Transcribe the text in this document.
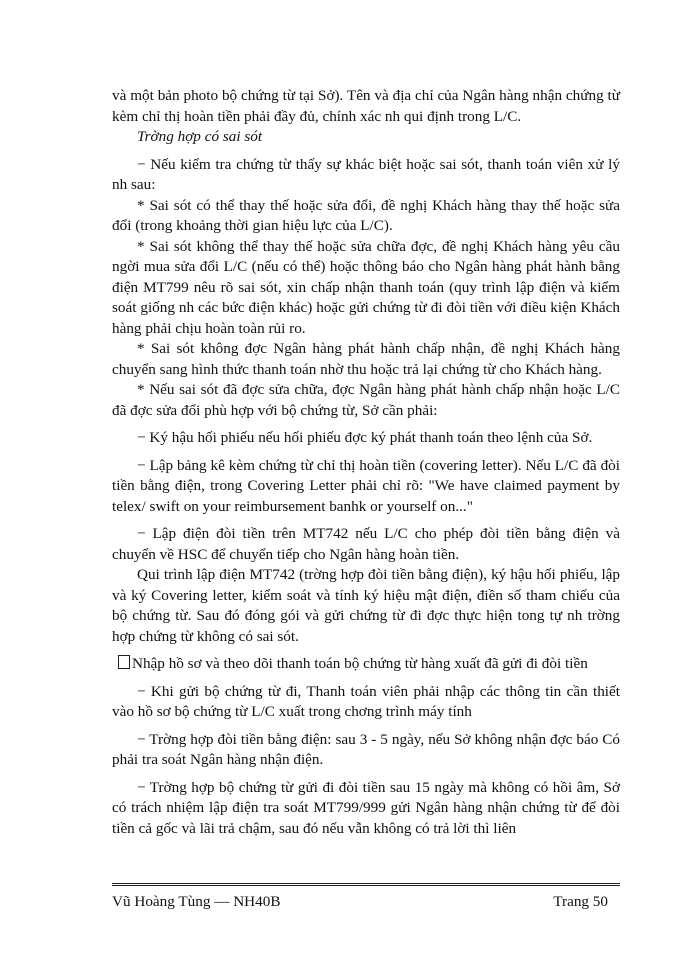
và một bản photo bộ chứng từ tại Sở). Tên và địa chỉ của Ngân hàng nhận chứng từ kèm chỉ thị hoàn tiền phải đầy đủ, chính xác nh qui định trong L/C.

Trờng hợp có sai sót

− Nếu kiểm tra chứng từ thấy sự khác biệt hoặc sai sót, thanh toán viên xử lý nh sau:

* Sai sót có thể thay thế hoặc sửa đổi, đề nghị Khách hàng thay thế hoặc sửa đổi (trong khoảng thời gian hiệu lực của L/C).

* Sai sót không thể thay thế hoặc sửa chữa đợc, đề nghị Khách hàng yêu cầu ngời mua sửa đổi L/C (nếu có thể) hoặc thông báo cho Ngân hàng phát hành bằng điện MT799 nêu rõ sai sót, xin chấp nhận thanh toán (quy trình lập điện và kiểm soát giống nh các bức điện khác) hoặc gửi chứng từ đi đòi tiền với điều kiện Khách hàng phải chịu hoàn toàn rủi ro.

* Sai sót không đợc Ngân hàng phát hành chấp nhận, đề nghị Khách hàng chuyển sang hình thức thanh toán nhờ thu hoặc trả lại chứng từ cho Khách hàng.

* Nếu sai sót đã đợc sửa chữa, đợc Ngân hàng phát hành chấp nhận hoặc L/C đã đợc sửa đổi phù hợp với bộ chứng từ, Sở cần phải:

− Ký hậu hối phiếu nếu hối phiếu đợc ký phát thanh toán theo lệnh của Sở.

− Lập bảng kê kèm chứng từ chỉ thị hoàn tiền (covering letter). Nếu L/C đã đòi tiền bằng điện, trong Covering Letter phải chỉ rõ: "We have claimed payment by telex/ swift on your reimbursement banhk or yourself on..."

− Lập điện đòi tiền trên MT742 nếu L/C cho phép đòi tiền bằng điện và chuyển về HSC để chuyển tiếp cho Ngân hàng hoàn tiền.

Qui trình lập điện MT742 (trờng hợp đòi tiền bằng điện), ký hậu hối phiếu, lập và ký Covering letter, kiểm soát và tính ký hiệu mật điện, điền số tham chiếu của bộ chứng từ. Sau đó đóng gói và gửi chứng từ đi đợc thực hiện tong tự nh trờng hợp chứng từ không có sai sót.

Nhập hồ sơ và theo dõi thanh toán bộ chứng từ hàng xuất đã gửi đi đòi tiền

− Khi gửi bộ chứng từ đi, Thanh toán viên phải nhập các thông tin cần thiết vào hồ sơ bộ chứng từ L/C xuất trong chơng trình máy tính

− Trờng hợp đòi tiền bằng điện: sau 3 - 5 ngày, nếu Sở không nhận đợc báo Có phải tra soát Ngân hàng nhận điện.

− Trờng hợp bộ chứng từ gửi đi đòi tiền sau 15 ngày mà không có hồi âm, Sở có trách nhiệm lập điện tra soát MT799/999 gửi Ngân hàng nhận chứng từ để đòi tiền cả gốc và lãi trả chậm, sau đó nếu vẫn không có trả lời thì liên

Vũ Hoàng Tùng — NH40B	Trang 50
